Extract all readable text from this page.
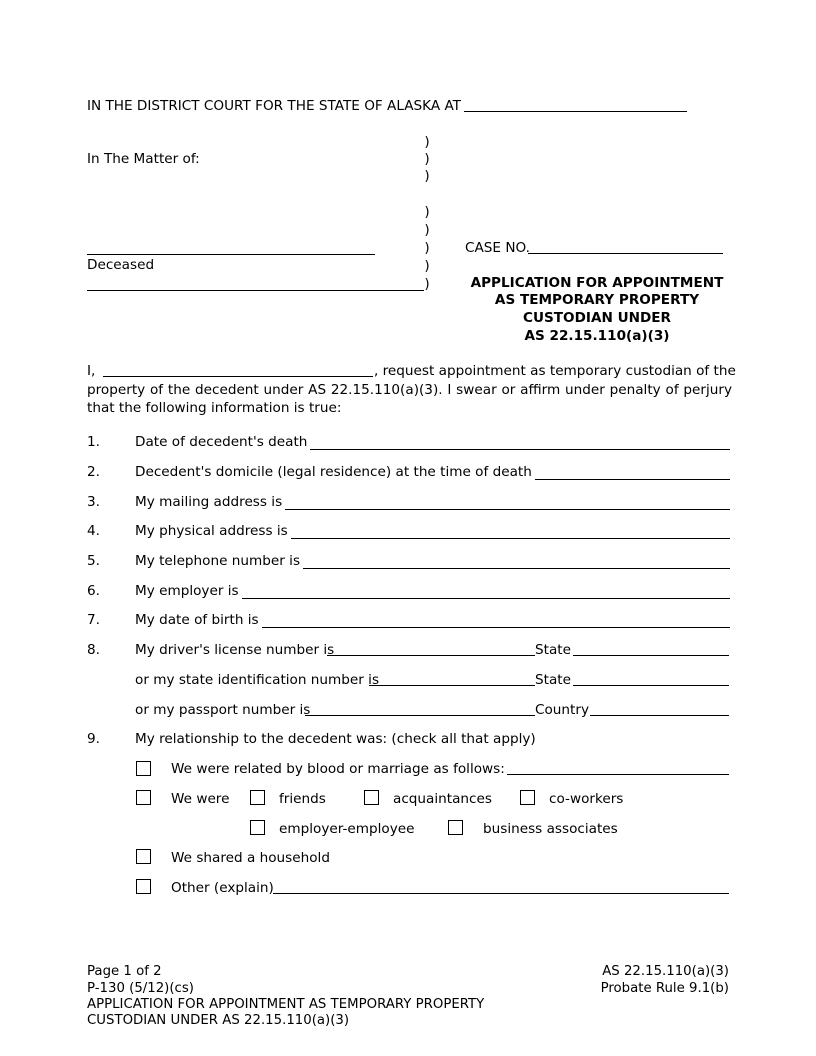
IN THE DISTRICT COURT FOR THE STATE OF ALASKA AT
In The Matter of:
)
)
)
)
)
)
)
)
Deceased
CASE NO.
APPLICATION FOR APPOINTMENT
AS TEMPORARY PROPERTY
CUSTODIAN UNDER
AS 22.15.110(a)(3)
I,	, request appointment as temporary custodian of the
property of the decedent under AS 22.15.110(a)(3). I swear or affirm under penalty of perjury that the following information is true:
1.	Date of decedent's death
2.	Decedent's domicile (legal residence) at the time of death
3.	My mailing address is
4.	My physical address is
5.	My telephone number is
6.	My employer is
7.	My date of birth is
8.	My driver's license number is	State
or my state identification number is	State
or my passport number is	Country
9.	My relationship to the decedent was: (check all that apply)
We were related by blood or marriage as follows:
We were	friends	acquaintances	co-workers
employer-employee	business associates
We shared a household
Other (explain)
Page 1 of 2
P-130 (5/12)(cs)
APPLICATION FOR APPOINTMENT AS TEMPORARY PROPERTY
CUSTODIAN UNDER AS 22.15.110(a)(3)
AS 22.15.110(a)(3)
Probate Rule 9.1(b)
